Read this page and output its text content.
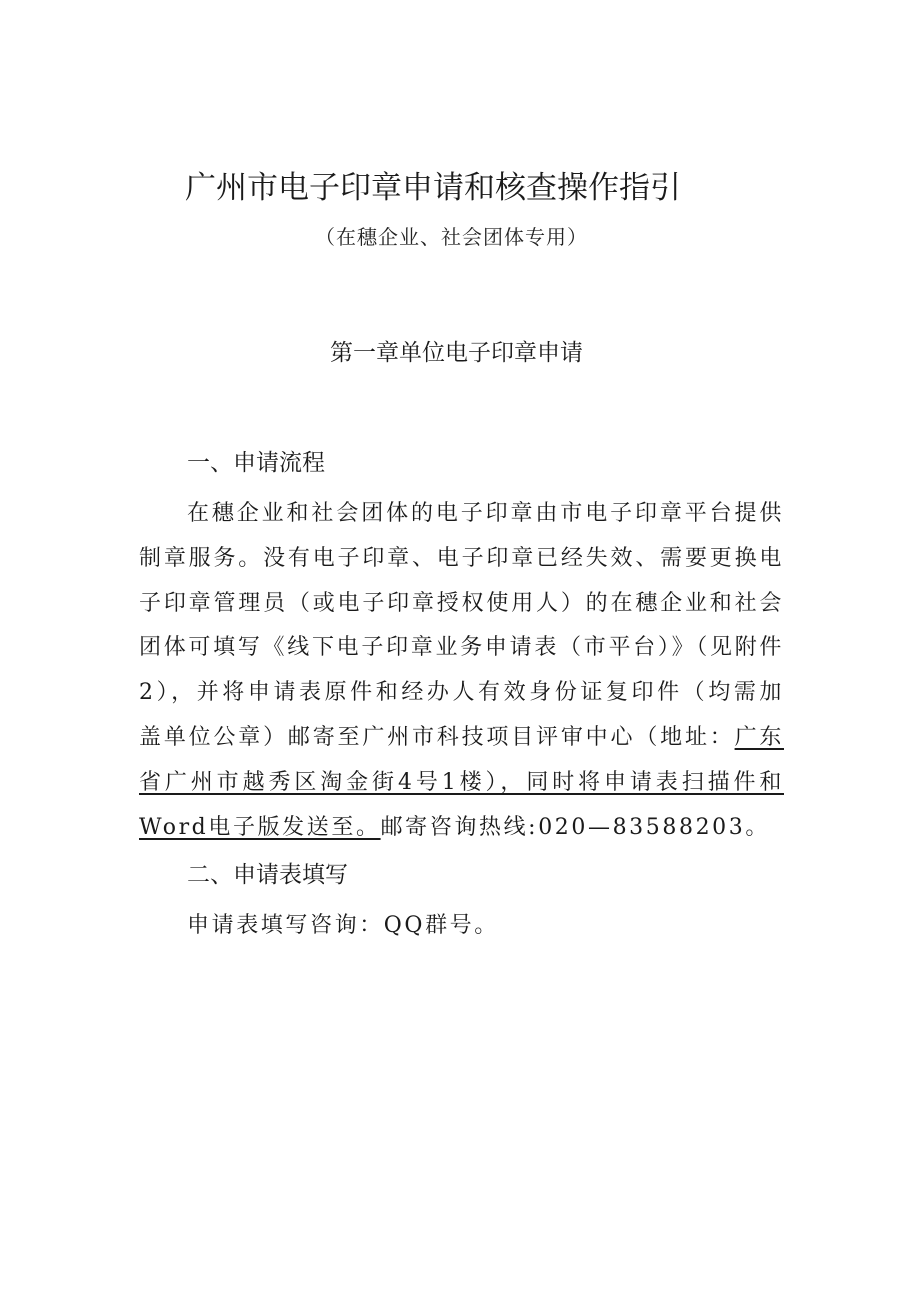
广州市电子印章申请和核查操作指引
（在穗企业、社会团体专用）
第一章单位电子印章申请
一、申请流程

在穗企业和社会团体的电子印章由市电子印章平台提供制章服务。没有电子印章、电子印章已经失效、需要更换电子印章管理员（或电子印章授权使用人）的在穗企业和社会团体可填写《线下电子印章业务申请表（市平台）》（见附件2），并将申请表原件和经办人有效身份证复印件（均需加盖单位公章）邮寄至广州市科技项目评审中心（地址：广东省广州市越秀区淘金街4号1楼），同时将申请表扫描件和Word电子版发送至。邮寄咨询热线:020—83588203。

二、申请表填写

申请表填写咨询：QQ群号。
